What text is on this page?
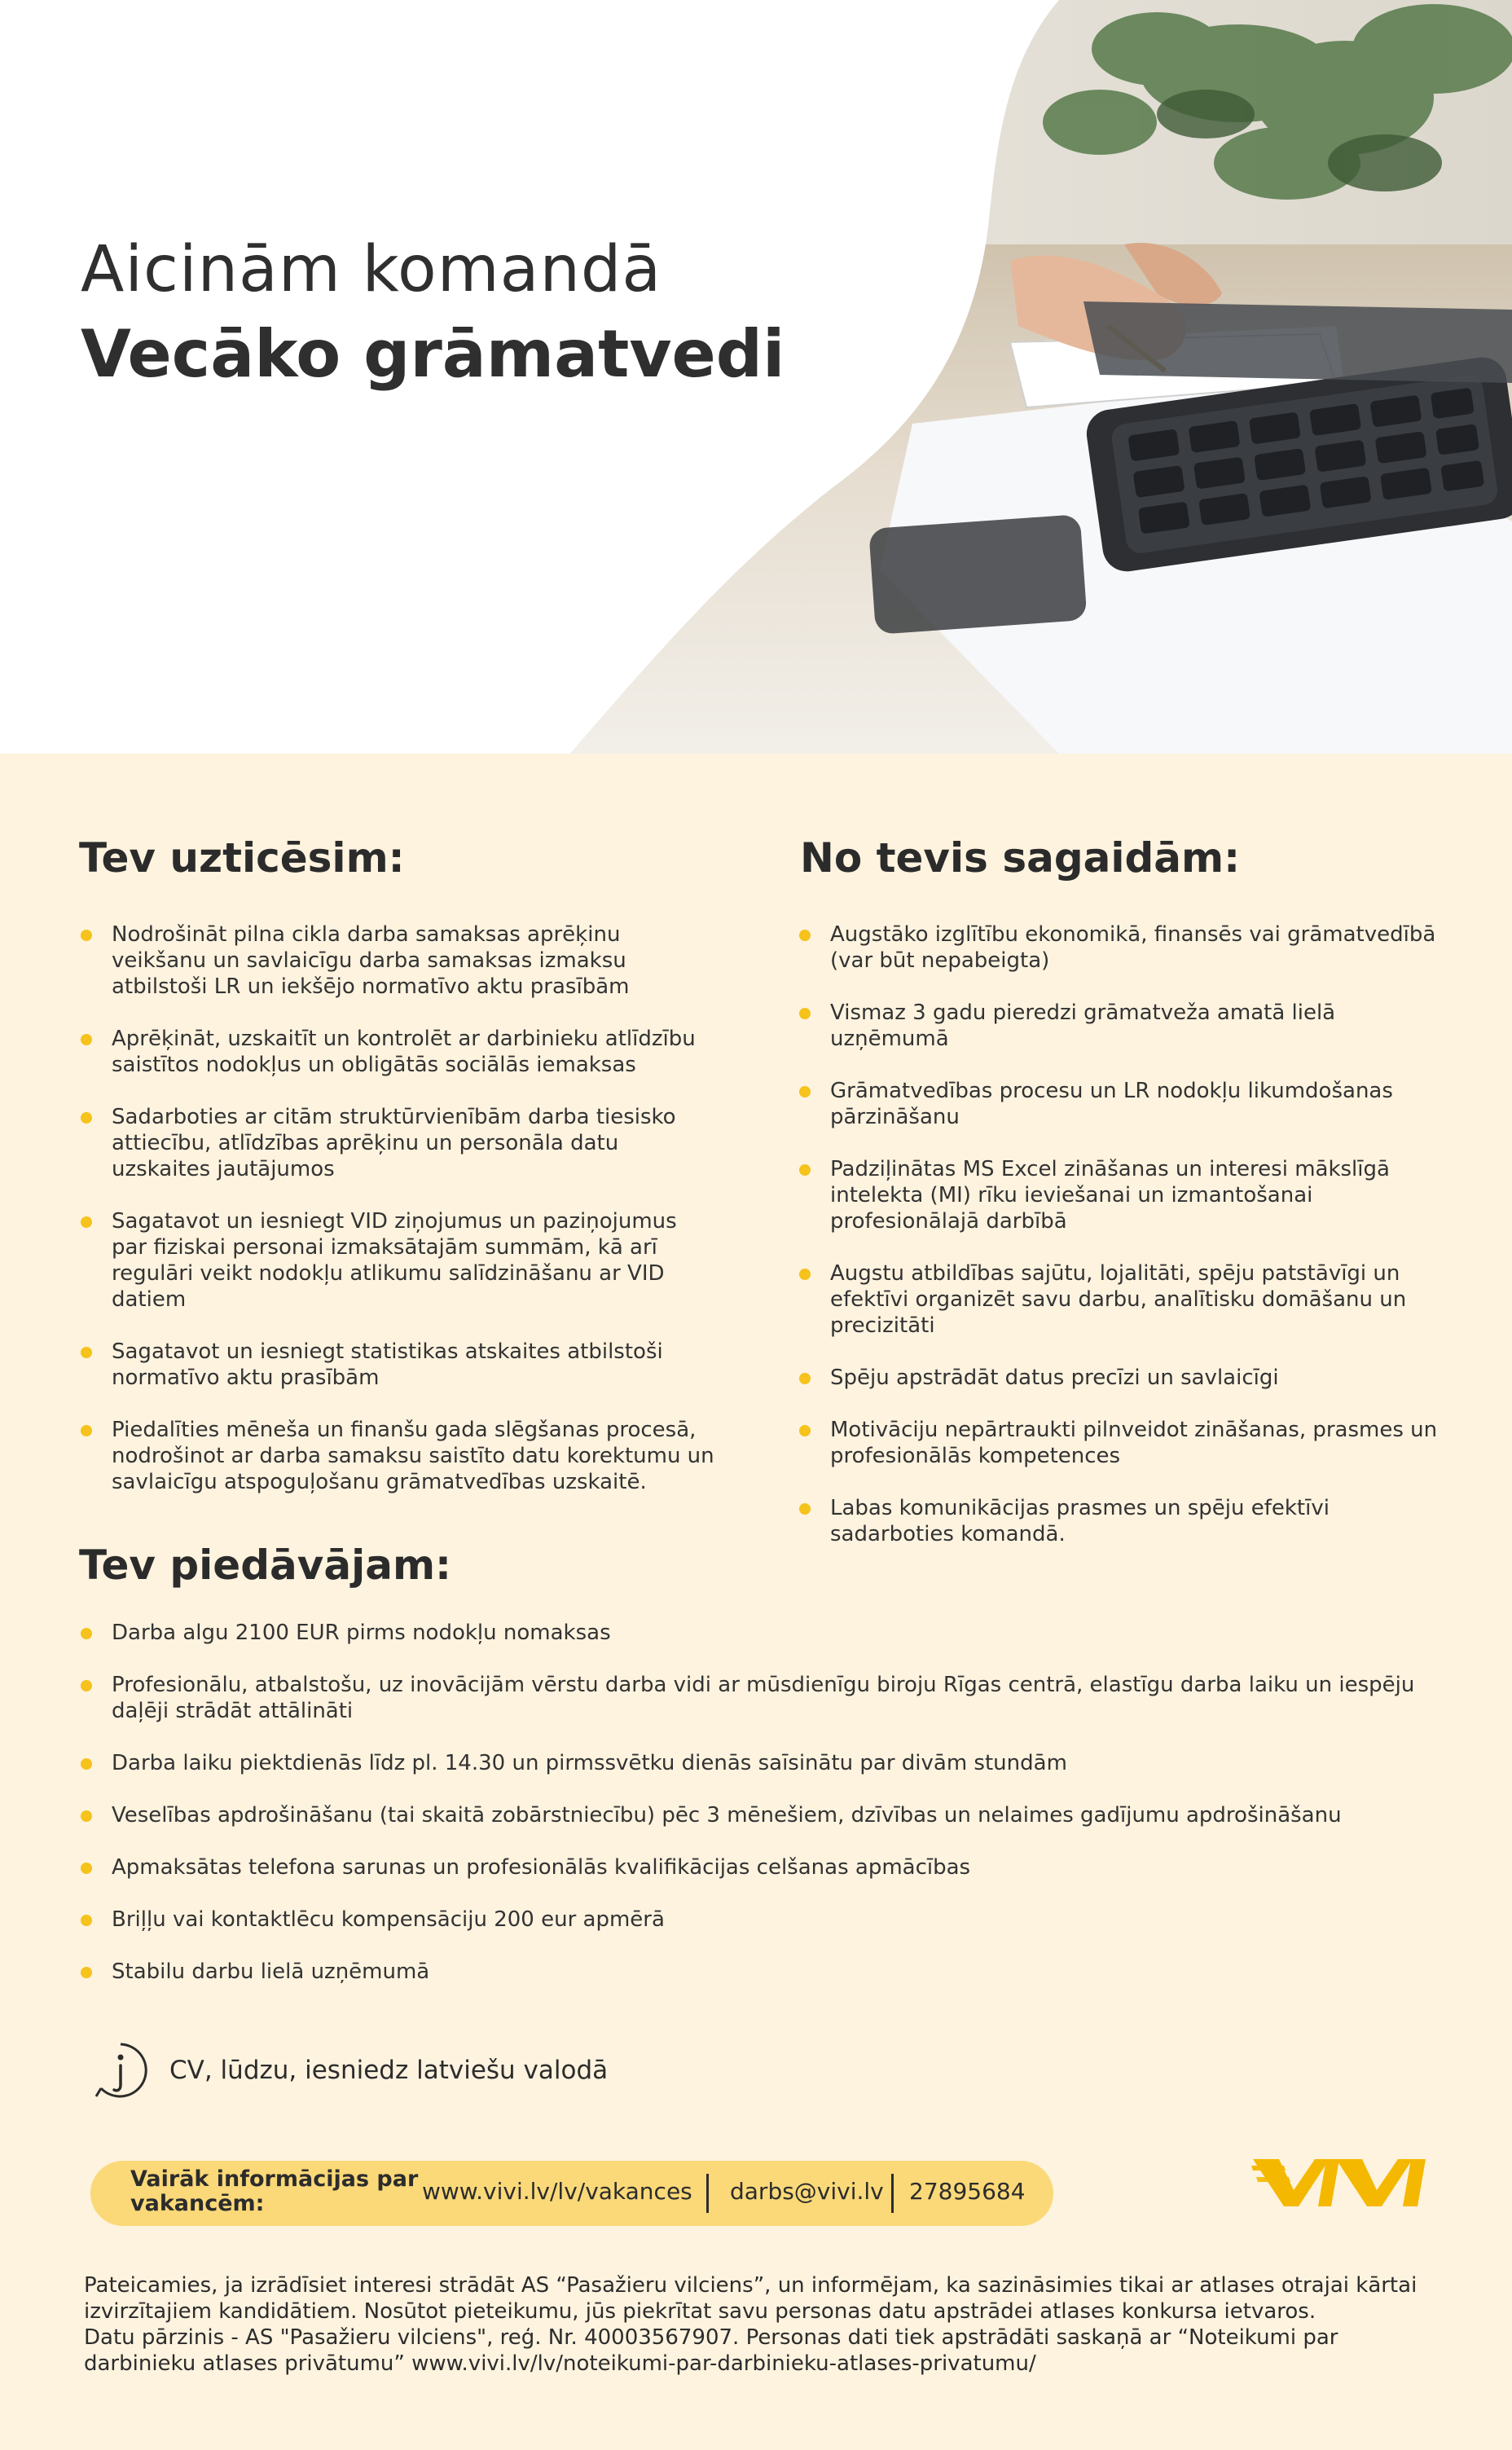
Aicinām komandā
Vecāko grāmatvedi
Tev uzticēsim:
Nodrošināt pilna cikla darba samaksas aprēķinu veikšanu un savlaicīgu darba samaksas izmaksu atbilstoši LR un iekšējo normatīvo aktu prasībām
Aprēķināt, uzskaitīt un kontrolēt ar darbinieku atlīdzību saistītos nodokļus un obligātās sociālās iemaksas
Sadarboties ar citām struktūrvienībām darba tiesisko attiecību, atlīdzības aprēķinu un personāla datu uzskaites jautājumos
Sagatavot un iesniegt VID ziņojumus un paziņojumus par fiziskai personai izmaksātajām summām, kā arī regulāri veikt nodokļu atlikumu salīdzināšanu ar VID datiem
Sagatavot un iesniegt statistikas atskaites atbilstoši normatīvo aktu prasībām
Piedalīties mēneša un finanšu gada slēgšanas procesā, nodrošinot ar darba samaksu saistīto datu korektumu un savlaicīgu atspoguļošanu grāmatvedības uzskaitē.
No tevis sagaidām:
Augstāko izglītību ekonomikā, finansēs vai grāmatvedībā (var būt nepabeigta)
Vismaz 3 gadu pieredzi grāmatveža amatā lielā uzņēmumā
Grāmatvedības procesu un LR nodokļu likumdošanas pārzināšanu
Padziļinātas MS Excel zināšanas un interesi mākslīgā intelekta (MI) rīku ieviešanai un izmantošanai profesionālajā darbībā
Augstu atbildības sajūtu, lojalitāti, spēju patstāvīgi un efektīvi organizēt savu darbu, analītisku domāšanu un precizitāti
Spēju apstrādāt datus precīzi un savlaicīgi
Motivāciju nepārtraukti pilnveidot zināšanas, prasmes un profesionālās kompetences
Labas komunikācijas prasmes un spēju efektīvi sadarboties komandā.
Tev piedāvājam:
Darba algu 2100 EUR pirms nodokļu nomaksas
Profesionālu, atbalstošu, uz inovācijām vērstu darba vidi ar mūsdienīgu biroju Rīgas centrā, elastīgu darba laiku un iespēju daļēji strādāt attālināti
Darba laiku piektdienās līdz pl. 14.30 un pirmssvētku dienās saīsinātu par divām stundām
Veselības apdrošināšanu (tai skaitā zobārstniecību) pēc 3 mēnešiem, dzīvības un nelaimes gadījumu apdrošināšanu
Apmaksātas telefona sarunas un profesionālās kvalifikācijas celšanas apmācības
Briļļu vai kontaktlēcu kompensāciju 200 eur apmērā
Stabilu darbu lielā uzņēmumā
CV, lūdzu, iesniedz latviešu valodā
Vairāk informācijas par vakancēm:	www.vivi.lv/lv/vakances darbs@vivi.lv 27895684

Pateicamies, ja izrādīsiet interesi strādāt AS “Pasažieru vilciens”, un informējam, ka sazināsimies tikai ar atlases otrajai kārtai izvirzītajiem kandidātiem. Nosūtot pieteikumu, jūs piekrītat savu personas datu apstrādei atlases konkursa ietvaros.

Datu pārzinis - AS "Pasažieru vilciens", reģ. Nr. 40003567907. Personas dati tiek apstrādāti saskaņā ar “Noteikumi par darbinieku atlases privātumu” www.vivi.lv/lv/noteikumi-par-darbinieku-atlases-privatumu/
